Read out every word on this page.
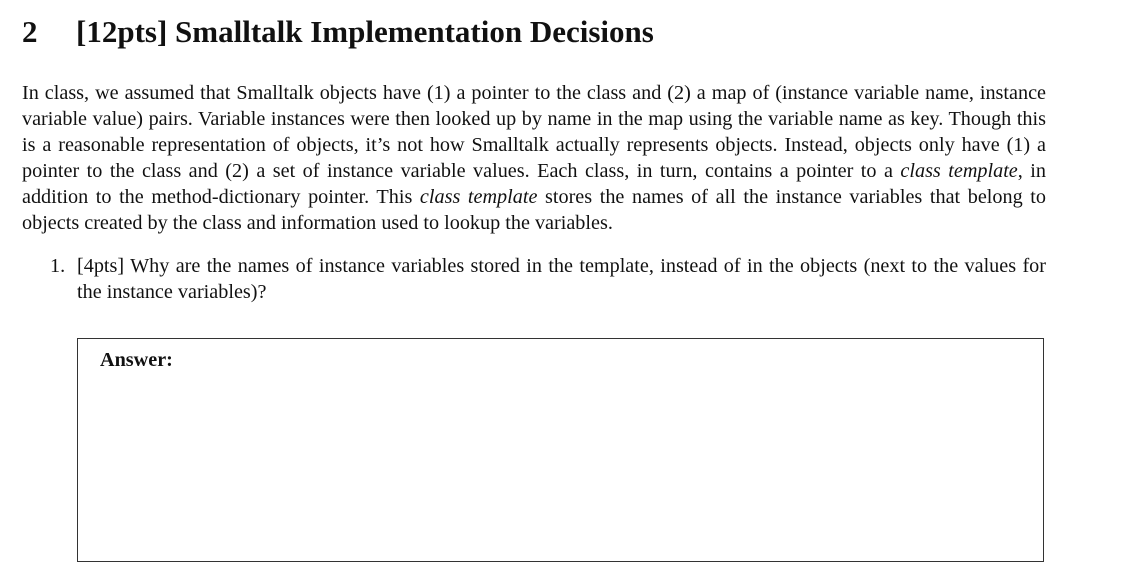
2 [12pts] Smalltalk Implementation Decisions

In class, we assumed that Smalltalk objects have (1) a pointer to the class and (2) a map of (instance variable name, instance variable value) pairs. Variable instances were then looked up by name in the map using the variable name as key. Though this is a reasonable representation of objects, it’s not how Smalltalk actually represents objects. Instead, objects only have (1) a pointer to the class and (2) a set of instance variable values. Each class, in turn, contains a pointer to a class template, in addition to the method-dictionary pointer. This class template stores the names of all the instance variables that belong to objects created by the class and information used to lookup the variables.

1. [4pts] Why are the names of instance variables stored in the template, instead of in the objects (next to the values for the instance variables)?
Answer:
